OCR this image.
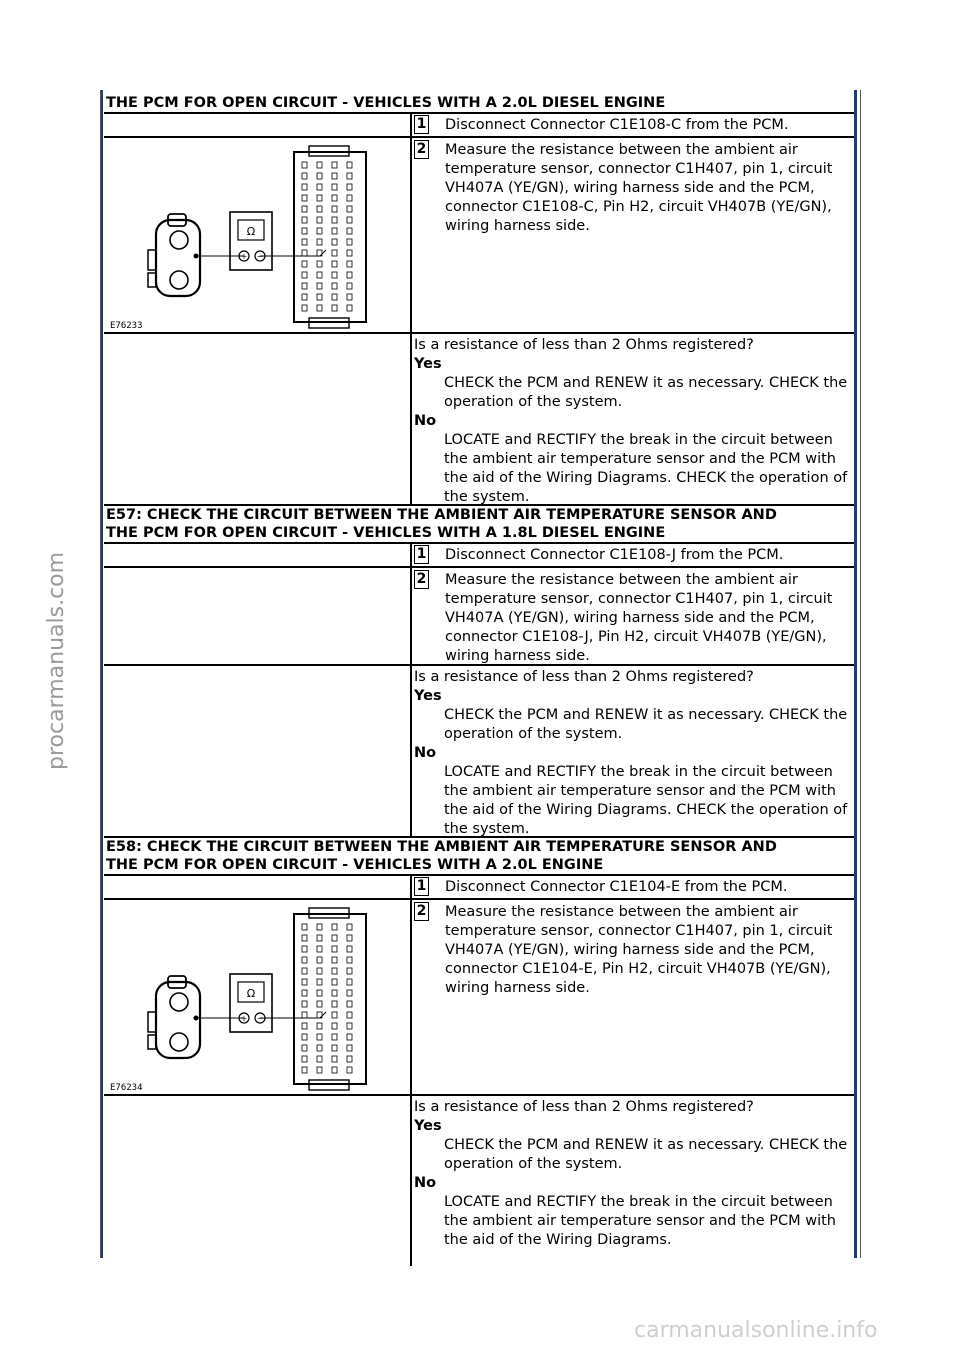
procarmanuals.com
carmanualsonline.info
THE PCM FOR OPEN CIRCUIT - VEHICLES WITH A 2.0L DIESEL ENGINE
1 Disconnect Connector C1E108-C from the PCM.
Ω
+ −
E76233
2 Measure the resistance between the ambient air temperature sensor, connector C1H407, pin 1, circuit VH407A (YE/GN), wiring harness side and the PCM, connector C1E108-C, Pin H2, circuit VH407B (YE/GN), wiring harness side.
Is a resistance of less than 2 Ohms registered?
Yes
CHECK the PCM and RENEW it as necessary. CHECK the operation of the system.
No
LOCATE and RECTIFY the break in the circuit between the ambient air temperature sensor and the PCM with the aid of the Wiring Diagrams. CHECK the operation of the system.
E57: CHECK THE CIRCUIT BETWEEN THE AMBIENT AIR TEMPERATURE SENSOR AND
THE PCM FOR OPEN CIRCUIT - VEHICLES WITH A 1.8L DIESEL ENGINE
1 Disconnect Connector C1E108-J from the PCM.
2 Measure the resistance between the ambient air temperature sensor, connector C1H407, pin 1, circuit VH407A (YE/GN), wiring harness side and the PCM, connector C1E108-J, Pin H2, circuit VH407B (YE/GN), wiring harness side.
Is a resistance of less than 2 Ohms registered?
Yes
CHECK the PCM and RENEW it as necessary. CHECK the operation of the system.
No
LOCATE and RECTIFY the break in the circuit between the ambient air temperature sensor and the PCM with the aid of the Wiring Diagrams. CHECK the operation of the system.
E58: CHECK THE CIRCUIT BETWEEN THE AMBIENT AIR TEMPERATURE SENSOR AND
THE PCM FOR OPEN CIRCUIT - VEHICLES WITH A 2.0L ENGINE
1 Disconnect Connector C1E104-E from the PCM.
Ω
+ −
E76234
2 Measure the resistance between the ambient air temperature sensor, connector C1H407, pin 1, circuit VH407A (YE/GN), wiring harness side and the PCM, connector C1E104-E, Pin H2, circuit VH407B (YE/GN), wiring harness side.
Is a resistance of less than 2 Ohms registered?
Yes
CHECK the PCM and RENEW it as necessary. CHECK the operation of the system.
No
LOCATE and RECTIFY the break in the circuit between the ambient air temperature sensor and the PCM with the aid of the Wiring Diagrams.
